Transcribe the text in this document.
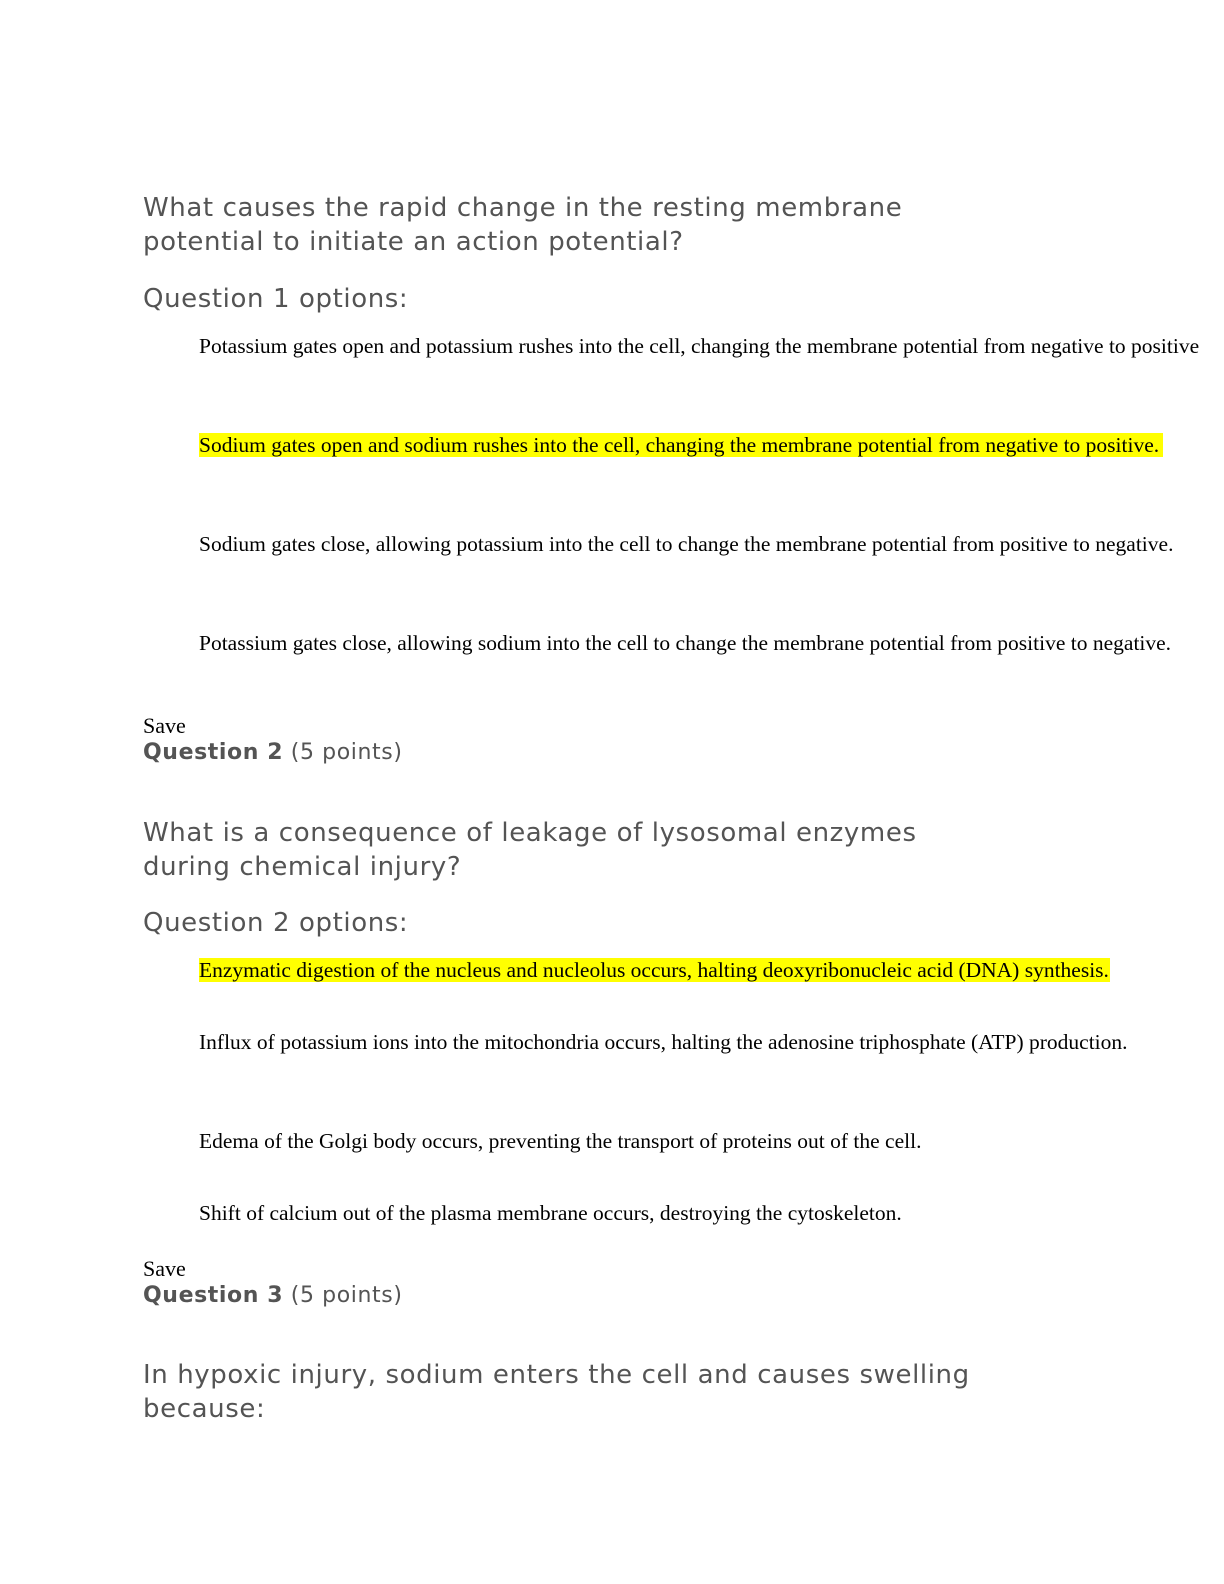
What causes the rapid change in the resting membrane
potential to initiate an action potential?

Question 1 options:

Potassium gates open and potassium rushes into the cell, changing the membrane potential from negative to positive

Sodium gates open and sodium rushes into the cell, changing the membrane potential from negative to positive.

Sodium gates close, allowing potassium into the cell to change the membrane potential from positive to negative.

Potassium gates close, allowing sodium into the cell to change the membrane potential from positive to negative.

Save

Question 2 (5 points)

What is a consequence of leakage of lysosomal enzymes
during chemical injury?

Question 2 options:

Enzymatic digestion of the nucleus and nucleolus occurs, halting deoxyribonucleic acid (DNA) synthesis.

Influx of potassium ions into the mitochondria occurs, halting the adenosine triphosphate (ATP) production.

Edema of the Golgi body occurs, preventing the transport of proteins out of the cell.

Shift of calcium out of the plasma membrane occurs, destroying the cytoskeleton.

Save

Question 3 (5 points)

In hypoxic injury, sodium enters the cell and causes swelling
because:
